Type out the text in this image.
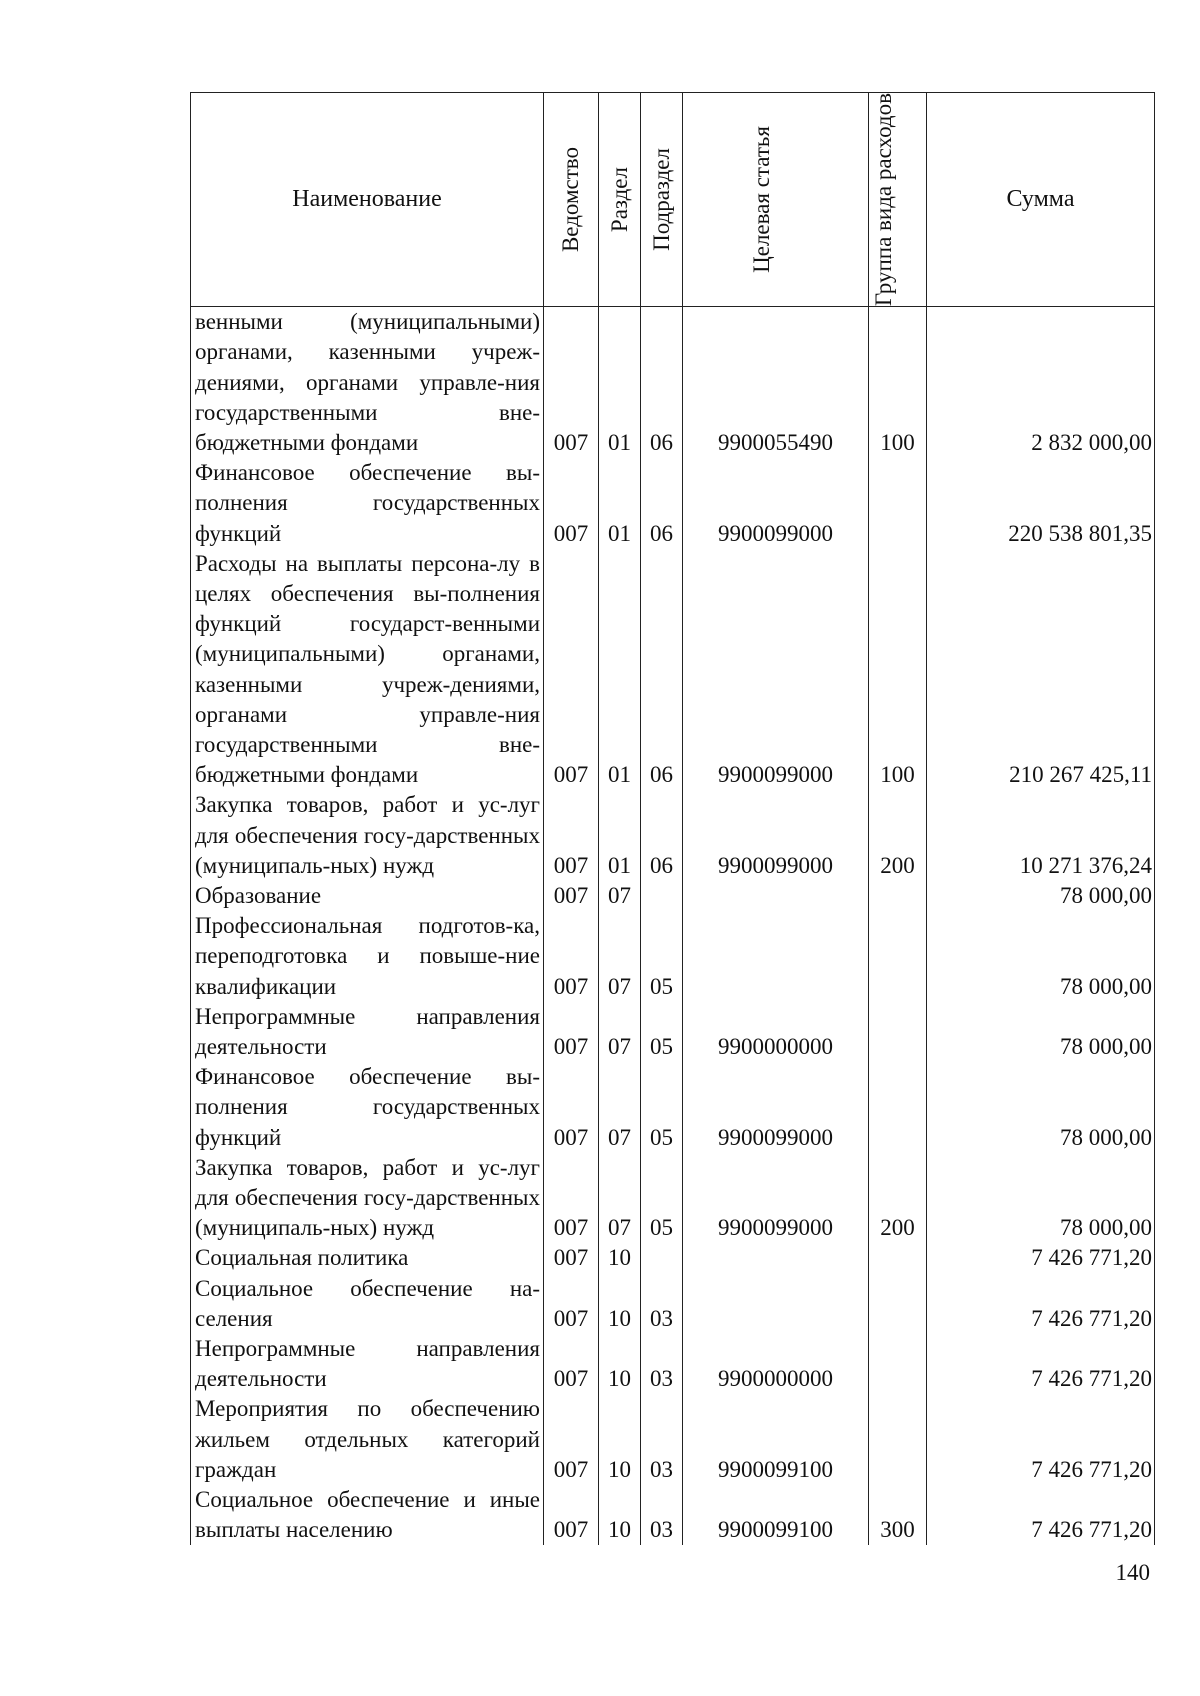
Наименование	Ведомство	Раздел	Подраздел	Целевая статья	Группа вида расходов	Сумма
венными (муниципальными) органами, казенными учреж-дениями, органами управле-ния государственными вне-бюджетными фондами	007	01	06	9900055490	100	2 832 000,00
Финансовое обеспечение вы-полнения государственных функций	007	01	06	9900099000		220 538 801,35
Расходы на выплаты персона-лу в целях обеспечения вы-полнения функций государст-венными (муниципальными) органами, казенными учреж-дениями, органами управле-ния государственными вне-бюджетными фондами	007	01	06	9900099000	100	210 267 425,11
Закупка товаров, работ и ус-луг для обеспечения госу-дарственных (муниципаль-ных) нужд	007	01	06	9900099000	200	10 271 376,24
Образование	007	07				78 000,00
Профессиональная подготов-ка, переподготовка и повыше-ние квалификации	007	07	05			78 000,00
Непрограммные направления деятельности	007	07	05	9900000000		78 000,00
Финансовое обеспечение вы-полнения государственных функций	007	07	05	9900099000		78 000,00
Закупка товаров, работ и ус-луг для обеспечения госу-дарственных (муниципаль-ных) нужд	007	07	05	9900099000	200	78 000,00
Социальная политика	007	10				7 426 771,20
Социальное обеспечение на-селения	007	10	03			7 426 771,20
Непрограммные направления деятельности	007	10	03	9900000000		7 426 771,20
Мероприятия по обеспечению жильем отдельных категорий граждан	007	10	03	9900099100		7 426 771,20
Социальное обеспечение и иные выплаты населению	007	10	03	9900099100	300	7 426 771,20
140
